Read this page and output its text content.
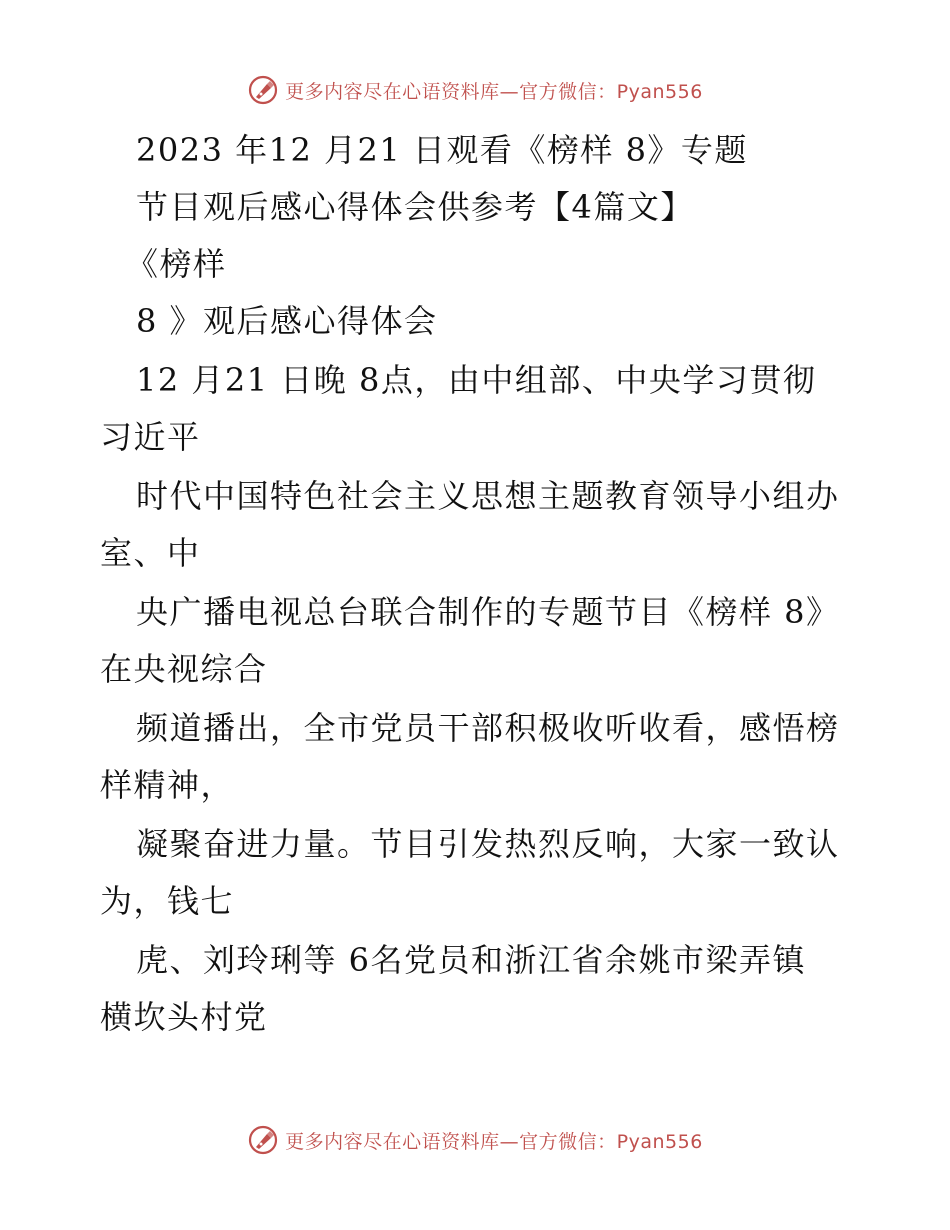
更多内容尽在心语资料库—官方微信：Pyan556
2023 年12 月21 日观看《榜样 8》专题
节目观后感心得体会供参考【4篇文】
《榜样
8 》观后感心得体会
12 月21 日晚 8点，由中组部、中央学习贯彻
习近平
时代中国特色社会主义思想主题教育领导小组办
室、中
央广播电视总台联合制作的专题节目《榜样 8》
在央视综合
频道播出，全市党员干部积极收听收看，感悟榜
样精神，
凝聚奋进力量。节目引发热烈反响，大家一致认
为，钱七
虎、刘玲琍等 6名党员和浙江省余姚市梁弄镇
横坎头村党
更多内容尽在心语资料库—官方微信：Pyan556
